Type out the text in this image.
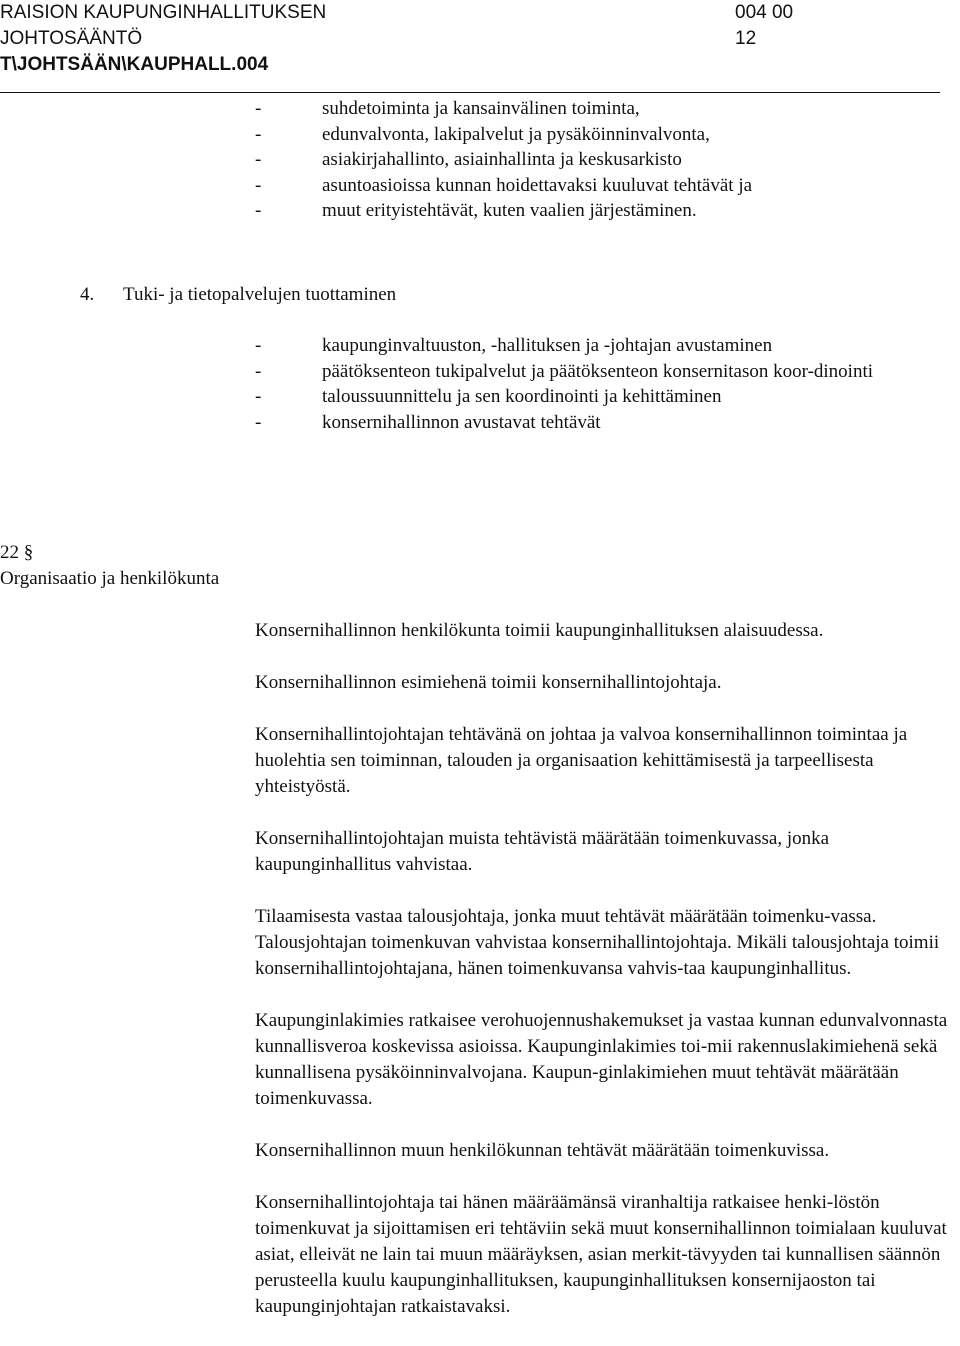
RAISION KAUPUNGINHALLITUKSEN
JOHTOSÄÄNTÖ
T\JOHTSÄÄN\KAUPHALL.004
004 00
12
-	suhdetoiminta ja kansainvälinen toiminta,
-	edunvalvonta, lakipalvelut ja pysäköinninvalvonta,
-	asiakirjahallinto, asiainhallinta ja keskusarkisto
-	asuntoasioissa kunnan hoidettavaksi kuuluvat tehtävät ja
-	muut erityistehtävät, kuten vaalien järjestäminen.
4. Tuki- ja tietopalvelujen tuottaminen
-	kaupunginvaltuuston, -hallituksen ja -johtajan avustaminen
-	päätöksenteon tukipalvelut ja päätöksenteon konsernitason koor-dinointi
-	taloussuunnittelu ja sen koordinointi ja kehittäminen
-	konsernihallinnon avustavat tehtävät
22 §
Organisaatio ja henkilökunta

Konsernihallinnon henkilökunta toimii kaupunginhallituksen alaisuudessa.

Konsernihallinnon esimiehenä toimii konsernihallintojohtaja.

Konsernihallintojohtajan tehtävänä on johtaa ja valvoa konsernihallinnon toimintaa ja huolehtia sen toiminnan, talouden ja organisaation kehittämisestä ja tarpeellisesta yhteistyöstä.

Konsernihallintojohtajan muista tehtävistä määrätään toimenkuvassa, jonka kaupunginhallitus vahvistaa.

Tilaamisesta vastaa talousjohtaja, jonka muut tehtävät määrätään toimenku-vassa. Talousjohtajan toimenkuvan vahvistaa konsernihallintojohtaja. Mikäli talousjohtaja toimii konsernihallintojohtajana, hänen toimenkuvansa vahvis-taa kaupunginhallitus.

Kaupunginlakimies ratkaisee verohuojennushakemukset ja vastaa kunnan edunvalvonnasta kunnallisveroa koskevissa asioissa. Kaupunginlakimies toi-mii rakennuslakimiehenä sekä kunnallisena pysäköinninvalvojana. Kaupun-ginlakimiehen muut tehtävät määrätään toimenkuvassa.

Konsernihallinnon muun henkilökunnan tehtävät määrätään toimenkuvissa.

Konsernihallintojohtaja tai hänen määräämänsä viranhaltija ratkaisee henki-löstön toimenkuvat ja sijoittamisen eri tehtäviin sekä muut konsernihallinnon toimialaan kuuluvat asiat, elleivät ne lain tai muun määräyksen, asian merkit-tävyyden tai kunnallisen säännön perusteella kuulu kaupunginhallituksen, kaupunginhallituksen konsernijaoston tai kaupunginjohtajan ratkaistavaksi.
